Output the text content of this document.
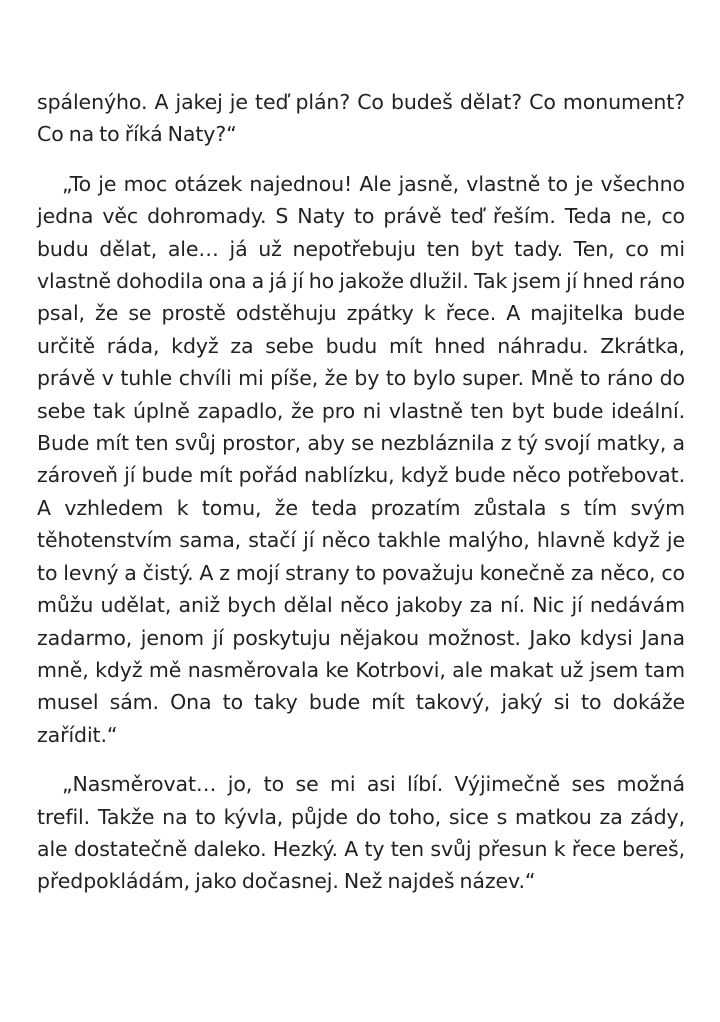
spálenýho. A jakej je teď plán? Co budeš dělat? Co monument? Co na to říká Naty?“

„To je moc otázek najednou! Ale jasně, vlastně to je všechno jedna věc dohromady. S Naty to právě teď řeším. Teda ne, co budu dělat, ale… já už nepotřebuju ten byt tady. Ten, co mi vlastně dohodila ona a já jí ho jakože dlužil. Tak jsem jí hned ráno psal, že se prostě odstěhuju zpátky k řece. A majitelka bude určitě ráda, když za sebe budu mít hned náhradu. Zkrátka, právě v tuhle chvíli mi píše, že by to bylo super. Mně to ráno do sebe tak úplně zapadlo, že pro ni vlastně ten byt bude ideální. Bude mít ten svůj prostor, aby se nezbláznila z tý svojí matky, a zároveň jí bude mít pořád nablízku, když bude něco potřebovat. A vzhledem k tomu, že teda prozatím zůstala s tím svým těhotenstvím sama, stačí jí něco takhle malýho, hlavně když je to levný a čistý. A z mojí strany to považuju konečně za něco, co můžu udělat, aniž bych dělal něco jakoby za ní. Nic jí nedávám zadarmo, jenom jí poskytuju nějakou možnost. Jako kdysi Jana mně, když mě nasměrovala ke Kotrbovi, ale makat už jsem tam musel sám. Ona to taky bude mít takový, jaký si to dokáže zařídit.“

„Nasměrovat… jo, to se mi asi líbí. Výjimečně ses možná trefil. Takže na to kývla, půjde do toho, sice s matkou za zády, ale dostatečně daleko. Hezký. A ty ten svůj přesun k řece bereš, předpokládám, jako dočasnej. Než najdeš název.“
